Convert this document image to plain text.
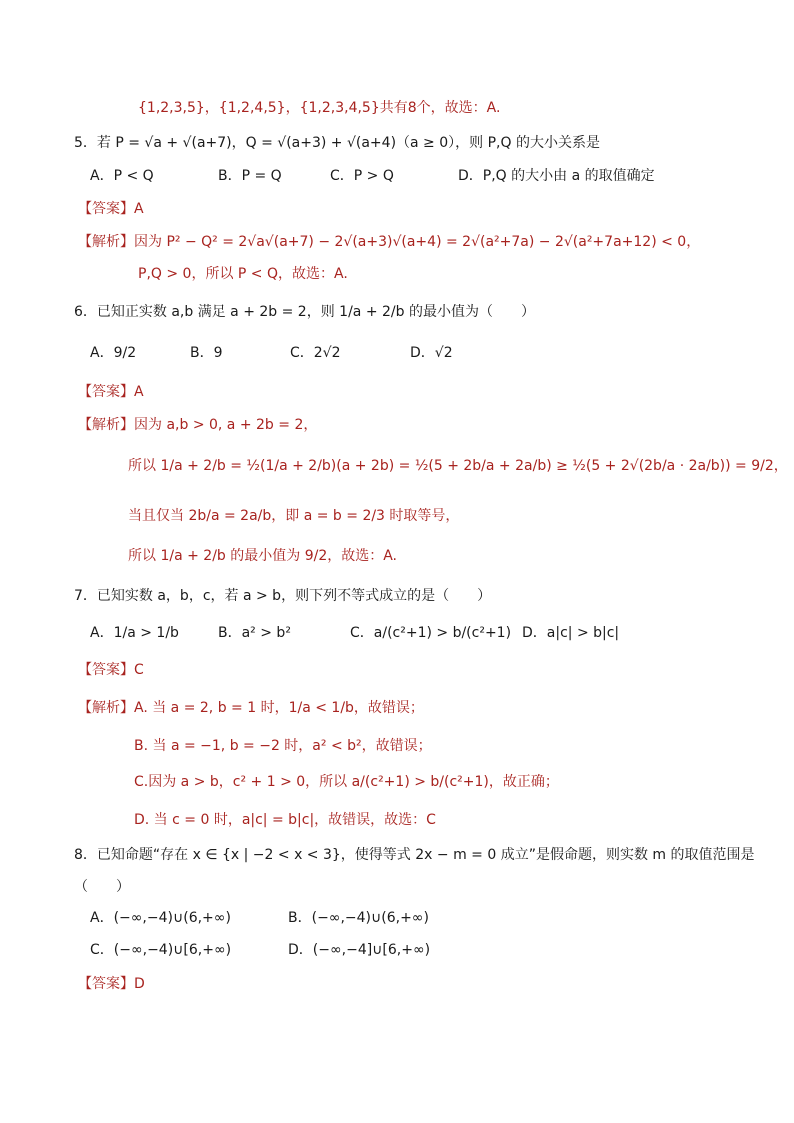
{1,2,3,5}，{1,2,4,5}，{1,2,3,4,5}共有8个，故选：A.
5．若 P = √a + √(a+7)，Q = √(a+3) + √(a+4)（a ≥ 0），则 P,Q 的大小关系是
A．P < Q	B．P = Q	C．P > Q	D．P,Q 的大小由 a 的取值确定
【答案】A
【解析】因为 P² − Q² = 2√a√(a+7) − 2√(a+3)√(a+4) = 2√(a²+7a) − 2√(a²+7a+12) < 0，
P,Q > 0，所以 P < Q，故选：A.
6．已知正实数 a,b 满足 a + 2b = 2，则 1/a + 2/b 的最小值为（　　）
A．9/2	B．9	C．2√2	D．√2
【答案】A
【解析】因为 a,b > 0, a + 2b = 2，
所以 1/a + 2/b = ½(1/a + 2/b)(a + 2b) = ½(5 + 2b/a + 2a/b) ≥ ½(5 + 2√(2b/a · 2a/b)) = 9/2，
当且仅当 2b/a = 2a/b，即 a = b = 2/3 时取等号，
所以 1/a + 2/b 的最小值为 9/2，故选：A.
7．已知实数 a，b，c，若 a > b，则下列不等式成立的是（　　）
A．1/a > 1/b	B．a² > b²	C．a/(c²+1) > b/(c²+1) D．a|c| > b|c|
【答案】C
【解析】A. 当 a = 2, b = 1 时，1/a < 1/b，故错误；
B. 当 a = −1, b = −2 时，a² < b²，故错误；
C.因为 a > b，c² + 1 > 0，所以 a/(c²+1) > b/(c²+1)，故正确；
D. 当 c = 0 时，a|c| = b|c|，故错误，故选：C
8．已知命题“存在 x ∈ {x | −2 < x < 3}，使得等式 2x − m = 0 成立”是假命题，则实数 m 的取值范围是
（　　）
A．(−∞,−4)∪(6,+∞)	B．(−∞,−4)∪(6,+∞)
C．(−∞,−4)∪[6,+∞)	D．(−∞,−4]∪[6,+∞)
【答案】D
